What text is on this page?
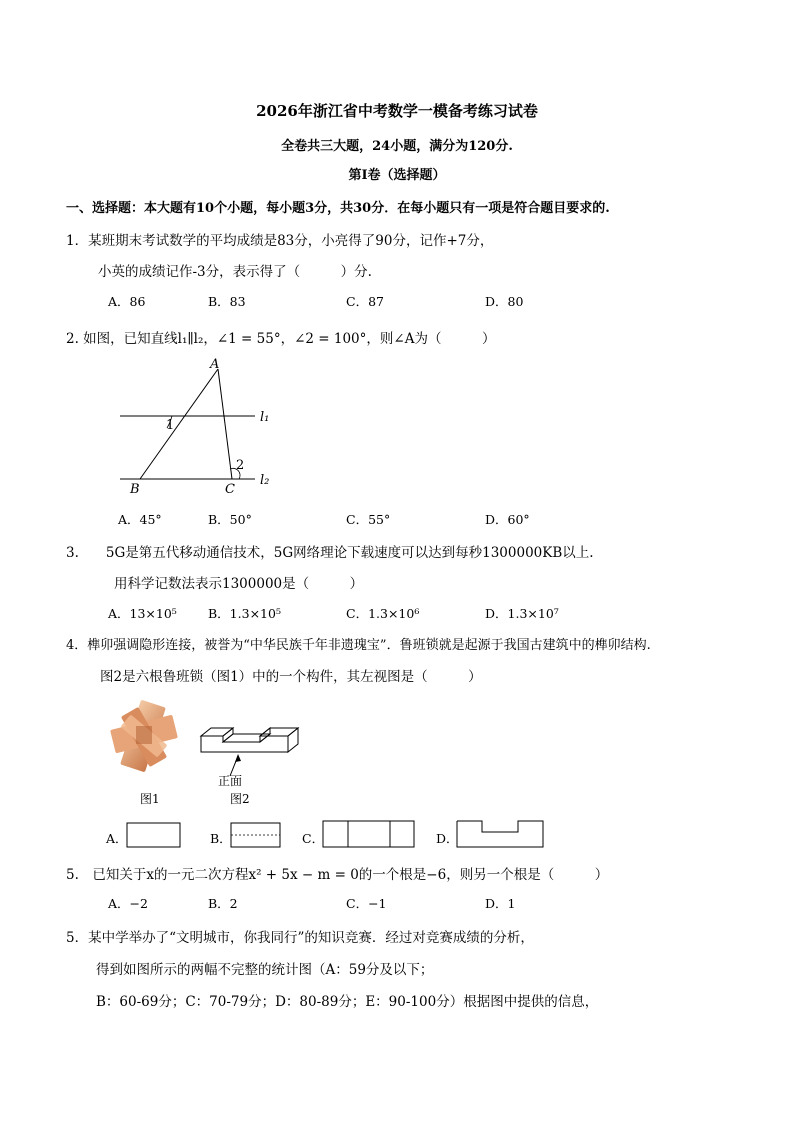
2026年浙江省中考数学一模备考练习试卷
全卷共三大题，24小题，满分为120分.
第I卷（选择题）
一、选择题：本大题有10个小题，每小题3分，共30分．在每小题只有一项是符合题目要求的.
1．某班期末考试数学的平均成绩是83分，小亮得了90分，记作+7分，
小英的成绩记作-3分，表示得了（　　　）分.
A．86	B．83	C．87	D．80
2. 如图，已知直线l₁∥l₂，∠1 = 55°，∠2 = 100°，则∠A为（　　　）
A
B	C
1
2
l₁
l₂
A．45°	B．50°	C．55°	D．60°
3.　　5G是第五代移动通信技术，5G网络理论下载速度可以达到每秒1300000KB以上.
用科学记数法表示1300000是（　　　）
A．13×10⁵ B．1.3×10⁵	C．1.3×10⁶	D．1.3×10⁷
4．榫卯强调隐形连接，被誉为“中华民族千年非遗瑰宝”．鲁班锁就是起源于我国古建筑中的榫卯结构.
图2是六根鲁班锁（图1）中的一个构件，其左视图是（　　　）
图1
正面
图2
A．	B．	C．	D．
5.　已知关于x的一元二次方程x² + 5x − m = 0的一个根是−6，则另一个根是（　　　）
A．−2	B．2	C．−1	D．1
5．某中学举办了“文明城市，你我同行”的知识竞赛．经过对竞赛成绩的分析，
得到如图所示的两幅不完整的统计图（A：59分及以下；
B：60-69分；C：70-79分；D：80-89分；E：90-100分）根据图中提供的信息，
